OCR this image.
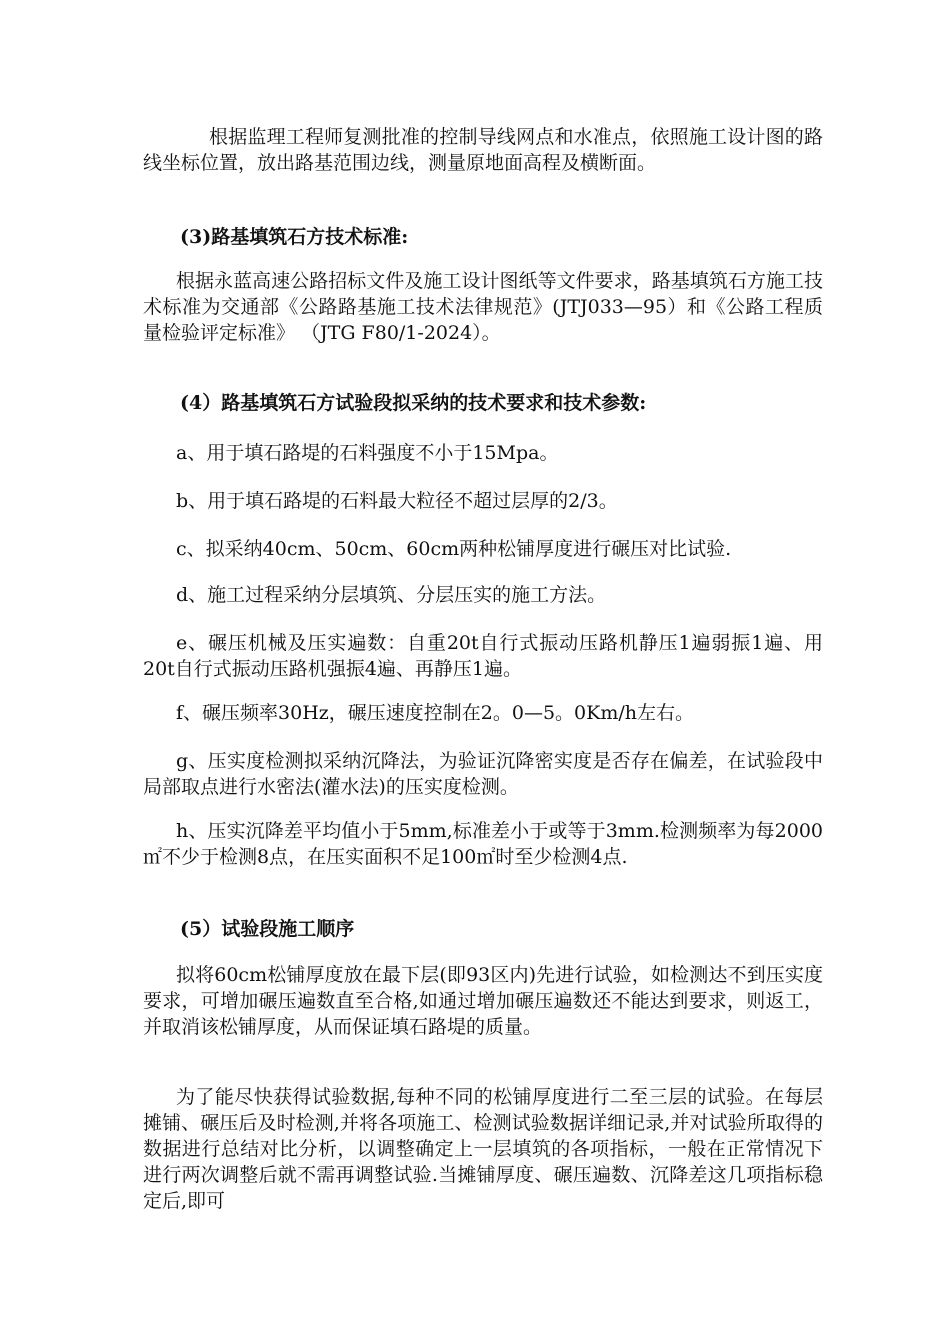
根据监理工程师复测批准的控制导线网点和水准点，依照施工设计图的路线坐标位置，放出路基范围边线，测量原地面高程及横断面。

(3)路基填筑石方技术标准:

根据永蓝高速公路招标文件及施工设计图纸等文件要求，路基填筑石方施工技术标准为交通部《公路路基施工技术法律规范》(JTJ033—95）和《公路工程质量检验评定标准》 （JTG F80/1-2024）。

(4）路基填筑石方试验段拟采纳的技术要求和技术参数:

a、用于填石路堤的石料强度不小于15Mpa。

b、用于填石路堤的石料最大粒径不超过层厚的2/3。

c、拟采纳40cm、50cm、60cm两种松铺厚度进行碾压对比试验.

d、施工过程采纳分层填筑、分层压实的施工方法。

e、碾压机械及压实遍数：自重20t自行式振动压路机静压1遍弱振1遍、用20t自行式振动压路机强振4遍、再静压1遍。

f、碾压频率30Hz，碾压速度控制在2。0—5。0Km/h左右。

g、压实度检测拟采纳沉降法，为验证沉降密实度是否存在偏差，在试验段中局部取点进行水密法(灌水法)的压实度检测。

h、压实沉降差平均值小于5mm,标准差小于或等于3mm.检测频率为每2000㎡不少于检测8点，在压实面积不足100㎡时至少检测4点.

(5）试验段施工顺序

拟将60cm松铺厚度放在最下层(即93区内)先进行试验，如检测达不到压实度要求，可增加碾压遍数直至合格,如通过增加碾压遍数还不能达到要求，则返工，并取消该松铺厚度，从而保证填石路堤的质量。

为了能尽快获得试验数据,每种不同的松铺厚度进行二至三层的试验。在每层摊铺、碾压后及时检测,并将各项施工、检测试验数据详细记录,并对试验所取得的数据进行总结对比分析，以调整确定上一层填筑的各项指标，一般在正常情况下进行两次调整后就不需再调整试验.当摊铺厚度、碾压遍数、沉降差这几项指标稳定后,即可
